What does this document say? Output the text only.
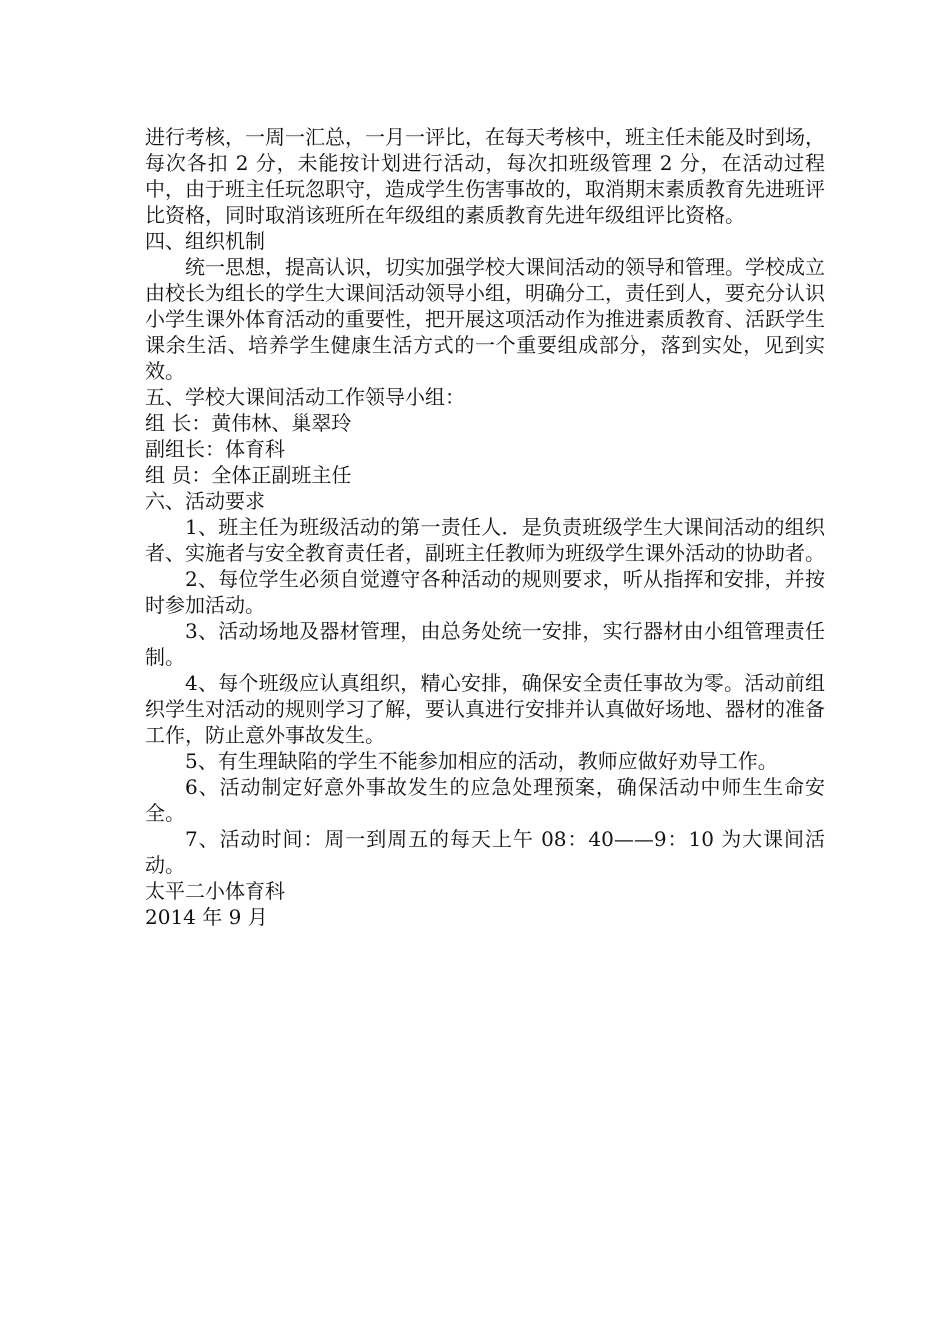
进行考核，一周一汇总，一月一评比，在每天考核中，班主任未能及时到场，每次各扣 2 分，未能按计划进行活动，每次扣班级管理 2 分，在活动过程中，由于班主任玩忽职守，造成学生伤害事故的，取消期末素质教育先进班评比资格，同时取消该班所在年级组的素质教育先进年级组评比资格。

四、组织机制

统一思想，提高认识，切实加强学校大课间活动的领导和管理。学校成立由校长为组长的学生大课间活动领导小组，明确分工，责任到人，要充分认识小学生课外体育活动的重要性，把开展这项活动作为推进素质教育、活跃学生课余生活、培养学生健康生活方式的一个重要组成部分，落到实处，见到实效。

五、学校大课间活动工作领导小组：

组 长：黄伟林、巢翠玲

副组长：体育科

组 员：全体正副班主任

六、活动要求

1、班主任为班级活动的第一责任人．是负责班级学生大课间活动的组织者、实施者与安全教育责任者，副班主任教师为班级学生课外活动的协助者。

2、每位学生必须自觉遵守各种活动的规则要求，听从指挥和安排，并按时参加活动。

3、活动场地及器材管理，由总务处统一安排，实行器材由小组管理责任制。

4、每个班级应认真组织，精心安排，确保安全责任事故为零。活动前组织学生对活动的规则学习了解，要认真进行安排并认真做好场地、器材的准备工作，防止意外事故发生。

5、有生理缺陷的学生不能参加相应的活动，教师应做好劝导工作。

6、活动制定好意外事故发生的应急处理预案，确保活动中师生生命安全。

7、活动时间：周一到周五的每天上午 08：40——9：10 为大课间活动。

太平二小体育科

2014 年 9 月
